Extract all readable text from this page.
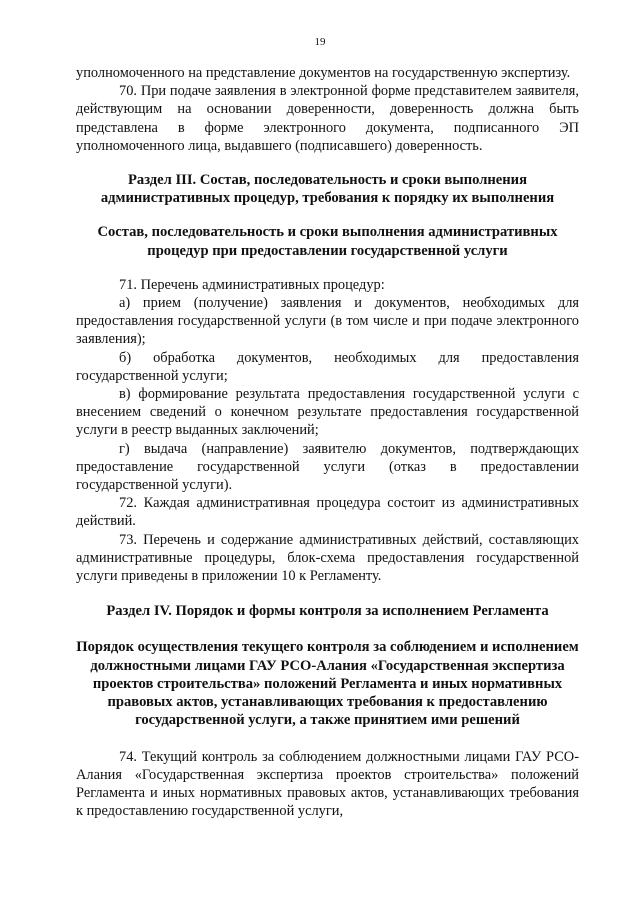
19

уполномоченного на представление документов на государственную экспертизу.

70. При подаче заявления в электронной форме представителем заявителя, действующим на основании доверенности, доверенность должна быть представлена в форме электронного документа, подписанного ЭП уполномоченного лица, выдавшего (подписавшего) доверенность.

Раздел III. Состав, последовательность и сроки выполнения административных процедур, требования к порядку их выполнения
Состав, последовательность и сроки выполнения административных процедур при предоставлении государственной услуги

71. Перечень административных процедур:

а) прием (получение) заявления и документов, необходимых для предоставления государственной услуги (в том числе и при подаче электронного заявления);

б) обработка документов, необходимых для предоставления государственной услуги;

в) формирование результата предоставления государственной услуги с внесением сведений о конечном результате предоставления государственной услуги в реестр выданных заключений;

г) выдача (направление) заявителю документов, подтверждающих предоставление государственной услуги (отказ в предоставлении государственной услуги).

72. Каждая административная процедура состоит из административных действий.

73. Перечень и содержание административных действий, составляющих административные процедуры, блок-схема предоставления государственной услуги приведены в приложении 10 к Регламенту.

Раздел IV. Порядок и формы контроля за исполнением Регламента
Порядок осуществления текущего контроля за соблюдением и исполнением должностными лицами ГАУ РСО-Алания «Государственная экспертиза проектов строительства» положений Регламента и иных нормативных правовых актов, устанавливающих требования к предоставлению государственной услуги, а также принятием ими решений

74. Текущий контроль за соблюдением должностными лицами ГАУ РСО-Алания «Государственная экспертиза проектов строительства» положений Регламента и иных нормативных правовых актов, устанавливающих требования к предоставлению государственной услуги,
